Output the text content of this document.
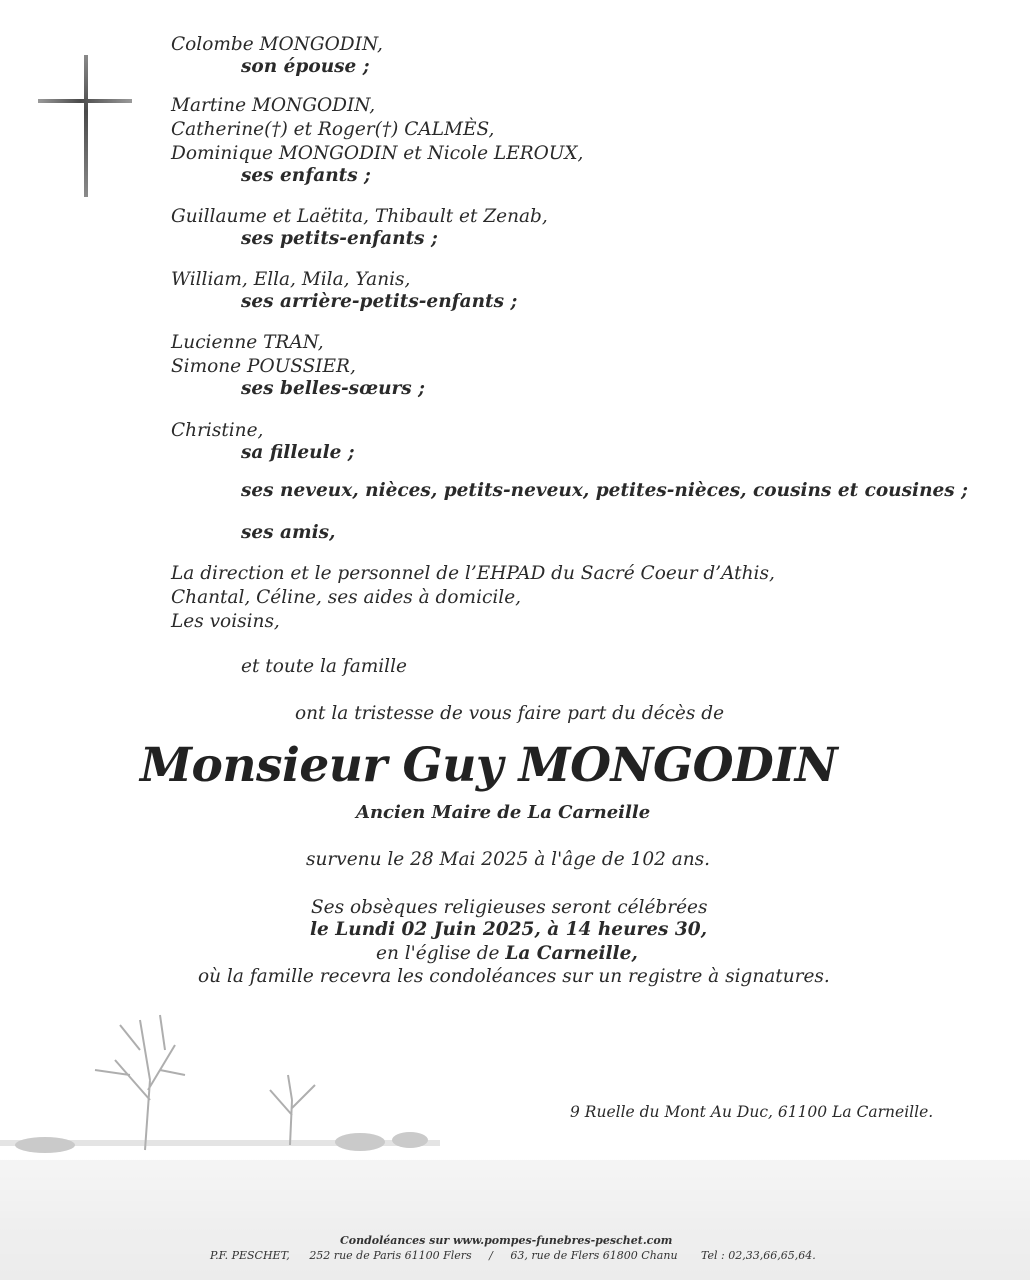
Colombe MONGODIN,
son épouse ;
Martine MONGODIN,
Catherine(†) et Roger(†) CALMÈS,
Dominique MONGODIN et Nicole LEROUX,
ses enfants ;
Guillaume et Laëtita, Thibault et Zenab,
ses petits-enfants ;
William, Ella, Mila, Yanis,
ses arrière-petits-enfants ;
Lucienne TRAN,
Simone POUSSIER,
ses belles-sœurs ;
Christine,
sa filleule ;
ses neveux, nièces, petits-neveux, petites-nièces, cousins et cousines ;
ses amis,
La direction et le personnel de l’EHPAD du Sacré Coeur d’Athis,
Chantal, Céline, ses aides à domicile,
Les voisins,
et toute la famille
ont la tristesse de vous faire part du décès de
Monsieur Guy MONGODIN
Ancien Maire de La Carneille
survenu le 28 Mai 2025 à l'âge de 102 ans.
Ses obsèques religieuses seront célébrées
le Lundi 02 Juin 2025, à 14 heures 30,
en l'église de La Carneille,
où la famille recevra les condoléances sur un registre à signatures.
9 Ruelle du Mont Au Duc, 61100 La Carneille.
Condoléances sur www.pompes-funebres-peschet.com
P.F. PESCHET, 252 rue de Paris 61100 Flers / 63, rue de Flers 61800 Chanu Tel : 02,33,66,65,64.
